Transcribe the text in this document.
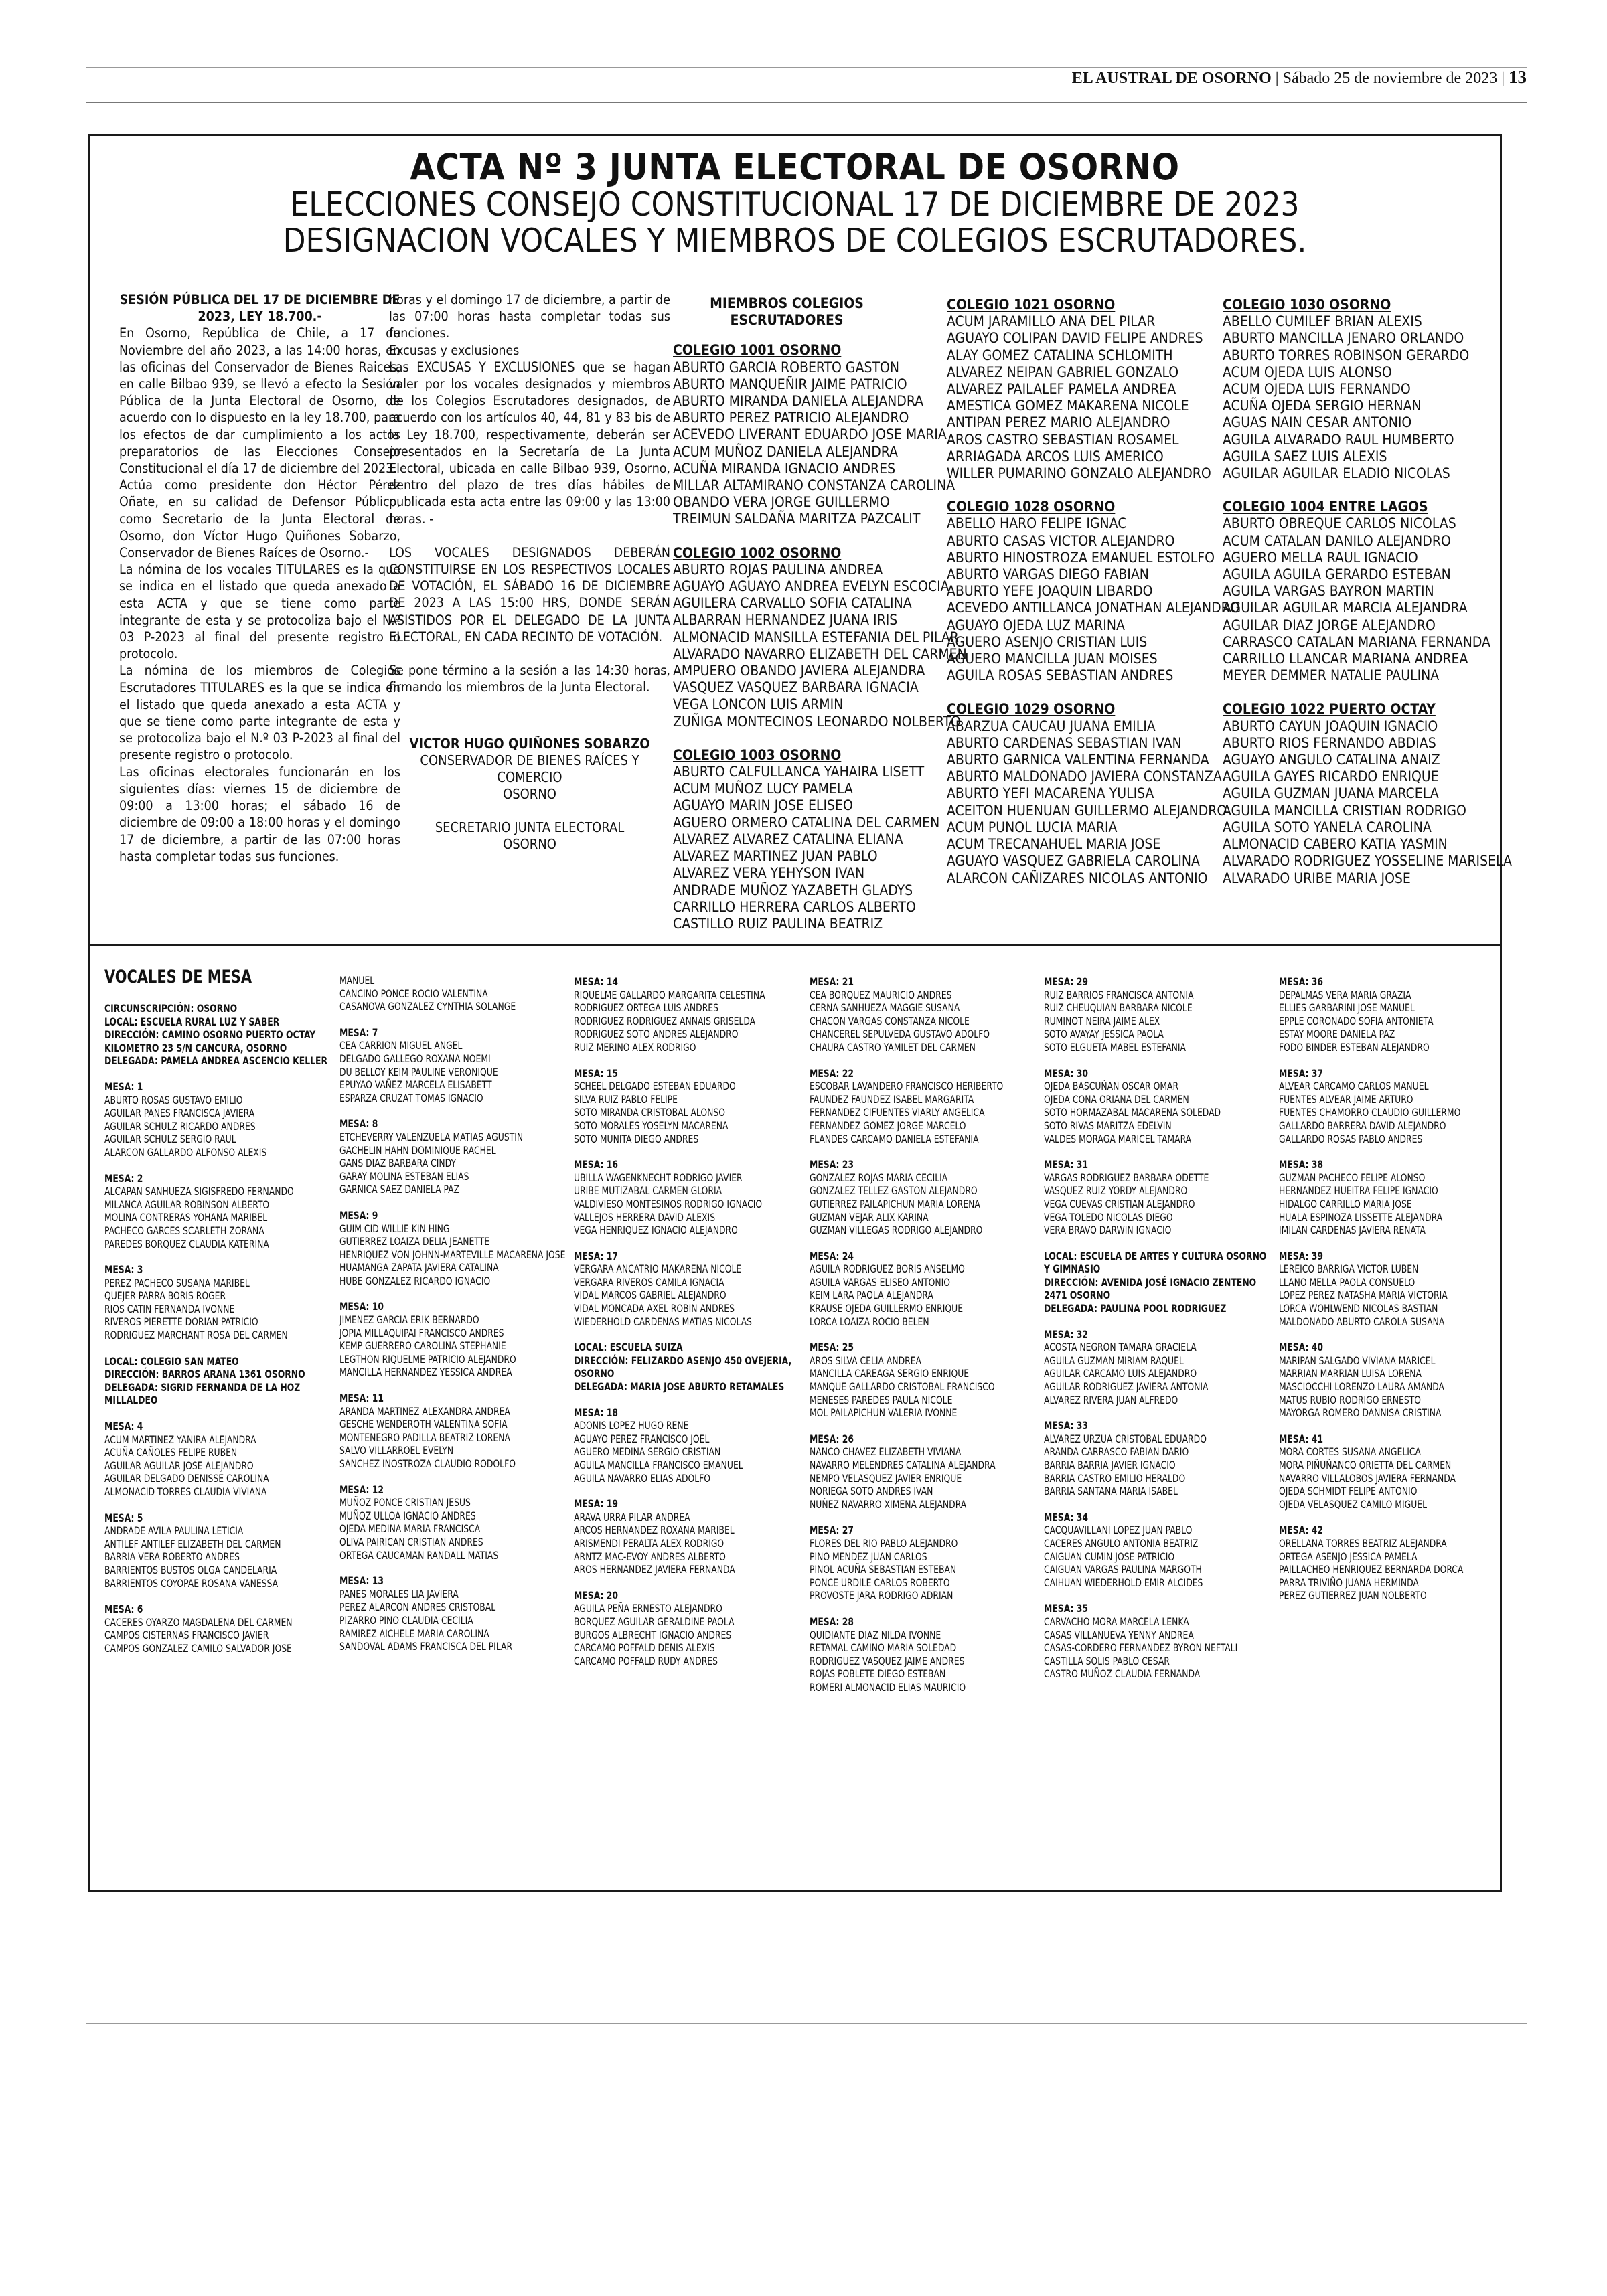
EL AUSTRAL DE OSORNO | Sábado 25 de noviembre de 2023 | 13
ACTA Nº 3 JUNTA ELECTORAL DE OSORNO
ELECCIONES CONSEJO CONSTITUCIONAL 17 DE DICIEMBRE DE 2023
DESIGNACION VOCALES Y MIEMBROS DE COLEGIOS ESCRUTADORES.

SESIÓN PÚBLICA DEL 17 DE DICIEMBRE DE 2023, LEY 18.700.-

En Osorno, República de Chile, a 17 de Noviembre del año 2023, a las 14:00 horas, en las oficinas del Conservador de Bienes Raices, en calle Bilbao 939, se llevó a efecto la Sesión Pública de la Junta Electoral de Osorno, de acuerdo con lo dispuesto en la ley 18.700, para los efectos de dar cumplimiento a los actos preparatorios de las Elecciones Consejo Constitucional el día 17 de diciembre del 2023.

Actúa como presidente don Héctor Pérez Oñate, en su calidad de Defensor Público, como Secretario de la Junta Electoral de Osorno, don Víctor Hugo Quiñones Sobarzo, Conservador de Bienes Raíces de Osorno.-

La nómina de los vocales TITULARES es la que se indica en el listado que queda anexado a esta ACTA y que se tiene como parte integrante de esta y se protocoliza bajo el N.º 03 P-2023 al final del presente registro o protocolo.

La nómina de los miembros de Colegios Escrutadores TITULARES es la que se indica en el listado que queda anexado a esta ACTA y que se tiene como parte integrante de esta y se protocoliza bajo el N.º 03 P-2023 al final del presente registro o protocolo.

Las oficinas electorales funcionarán en los siguientes días: viernes 15 de diciembre de 09:00 a 13:00 horas; el sábado 16 de diciembre de 09:00 a 18:00 horas y el domingo 17 de diciembre, a partir de las 07:00 horas hasta completar todas sus funciones.

horas y el domingo 17 de diciembre, a partir de las 07:00 horas hasta completar todas sus funciones.

Excusas y exclusiones

Las EXCUSAS Y EXCLUSIONES que se hagan valer por los vocales designados y miembros de los Colegios Escrutadores designados, de acuerdo con los artículos 40, 44, 81 y 83 bis de la Ley 18.700, respectivamente, deberán ser presentados en la Secretaría de La Junta Electoral, ubicada en calle Bilbao 939, Osorno, dentro del plazo de tres días hábiles de publicada esta acta entre las 09:00 y las 13:00 horas. -

LOS VOCALES DESIGNADOS DEBERÁN CONSTITUIRSE EN LOS RESPECTIVOS LOCALES DE VOTACIÓN, EL SÁBADO 16 DE DICIEMBRE DE 2023 A LAS 15:00 HRS, DONDE SERÁN ASISTIDOS POR EL DELEGADO DE LA JUNTA ELECTORAL, EN CADA RECINTO DE VOTACIÓN.

Se pone término a la sesión a las 14:30 horas, firmando los miembros de la Junta Electoral.

VICTOR HUGO QUIÑONES SOBARZO
CONSERVADOR DE BIENES RAÍCES Y COMERCIO
OSORNO
SECRETARIO JUNTA ELECTORAL
OSORNO
MIEMBROS COLEGIOS ESCRUTADORES
COLEGIO 1001 OSORNO
ABURTO GARCIA ROBERTO GASTON
ABURTO MANQUEÑIR JAIME PATRICIO
ABURTO MIRANDA DANIELA ALEJANDRA
ABURTO PEREZ PATRICIO ALEJANDRO
ACEVEDO LIVERANT EDUARDO JOSE MARIA
ACUM MUÑOZ DANIELA ALEJANDRA
ACUÑA MIRANDA IGNACIO ANDRES
MILLAR ALTAMIRANO CONSTANZA CAROLINA
OBANDO VERA JORGE GUILLERMO
TREIMUN SALDAÑA MARITZA PAZCALIT
COLEGIO 1002 OSORNO
ABURTO ROJAS PAULINA ANDREA
AGUAYO AGUAYO ANDREA EVELYN ESCOCIA
AGUILERA CARVALLO SOFIA CATALINA
ALBARRAN HERNANDEZ JUANA IRIS
ALMONACID MANSILLA ESTEFANIA DEL PILAR
ALVARADO NAVARRO ELIZABETH DEL CARMEN
AMPUERO OBANDO JAVIERA ALEJANDRA
VASQUEZ VASQUEZ BARBARA IGNACIA
VEGA LONCON LUIS ARMIN
ZUÑIGA MONTECINOS LEONARDO NOLBERTO
COLEGIO 1003 OSORNO
ABURTO CALFULLANCA YAHAIRA LISETT
ACUM MUÑOZ LUCY PAMELA
AGUAYO MARIN JOSE ELISEO
AGUERO ORMERO CATALINA DEL CARMEN
ALVAREZ ALVAREZ CATALINA ELIANA
ALVAREZ MARTINEZ JUAN PABLO
ALVAREZ VERA YEHYSON IVAN
ANDRADE MUÑOZ YAZABETH GLADYS
CARRILLO HERRERA CARLOS ALBERTO
CASTILLO RUIZ PAULINA BEATRIZ
COLEGIO 1021 OSORNO
ACUM JARAMILLO ANA DEL PILAR
AGUAYO COLIPAN DAVID FELIPE ANDRES
ALAY GOMEZ CATALINA SCHLOMITH
ALVAREZ NEIPAN GABRIEL GONZALO
ALVAREZ PAILALEF PAMELA ANDREA
AMESTICA GOMEZ MAKARENA NICOLE
ANTIPAN PEREZ MARIO ALEJANDRO
AROS CASTRO SEBASTIAN ROSAMEL
ARRIAGADA ARCOS LUIS AMERICO
WILLER PUMARINO GONZALO ALEJANDRO
COLEGIO 1028 OSORNO
ABELLO HARO FELIPE IGNAC
ABURTO CASAS VICTOR ALEJANDRO
ABURTO HINOSTROZA EMANUEL ESTOLFO
ABURTO VARGAS DIEGO FABIAN
ABURTO YEFE JOAQUIN LIBARDO
ACEVEDO ANTILLANCA JONATHAN ALEJANDRO
AGUAYO OJEDA LUZ MARINA
AGUERO ASENJO CRISTIAN LUIS
AGUERO MANCILLA JUAN MOISES
AGUILA ROSAS SEBASTIAN ANDRES
COLEGIO 1029 OSORNO
ABARZUA CAUCAU JUANA EMILIA
ABURTO CARDENAS SEBASTIAN IVAN
ABURTO GARNICA VALENTINA FERNANDA
ABURTO MALDONADO JAVIERA CONSTANZA
ABURTO YEFI MACARENA YULISA
ACEITON HUENUAN GUILLERMO ALEJANDRO
ACUM PUNOL LUCIA MARIA
ACUM TRECANAHUEL MARIA JOSE
AGUAYO VASQUEZ GABRIELA CAROLINA
ALARCON CAÑIZARES NICOLAS ANTONIO
COLEGIO 1030 OSORNO
ABELLO CUMILEF BRIAN ALEXIS
ABURTO MANCILLA JENARO ORLANDO
ABURTO TORRES ROBINSON GERARDO
ACUM OJEDA LUIS ALONSO
ACUM OJEDA LUIS FERNANDO
ACUÑA OJEDA SERGIO HERNAN
AGUAS NAIN CESAR ANTONIO
AGUILA ALVARADO RAUL HUMBERTO
AGUILA SAEZ LUIS ALEXIS
AGUILAR AGUILAR ELADIO NICOLAS
COLEGIO 1004 ENTRE LAGOS
ABURTO OBREQUE CARLOS NICOLAS
ACUM CATALAN DANILO ALEJANDRO
AGUERO MELLA RAUL IGNACIO
AGUILA AGUILA GERARDO ESTEBAN
AGUILA VARGAS BAYRON MARTIN
AGUILAR AGUILAR MARCIA ALEJANDRA
AGUILAR DIAZ JORGE ALEJANDRO
CARRASCO CATALAN MARIANA FERNANDA
CARRILLO LLANCAR MARIANA ANDREA
MEYER DEMMER NATALIE PAULINA
COLEGIO 1022 PUERTO OCTAY
ABURTO CAYUN JOAQUIN IGNACIO
ABURTO RIOS FERNANDO ABDIAS
AGUAYO ANGULO CATALINA ANAIZ
AGUILA GAYES RICARDO ENRIQUE
AGUILA GUZMAN JUANA MARCELA
AGUILA MANCILLA CRISTIAN RODRIGO
AGUILA SOTO YANELA CAROLINA
ALMONACID CABERO KATIA YASMIN
ALVARADO RODRIGUEZ YOSSELINE MARISELA
ALVARADO URIBE MARIA JOSE
VOCALES DE MESA
CIRCUNSCRIPCIÓN: OSORNO
LOCAL: ESCUELA RURAL LUZ Y SABER
DIRECCIÓN: CAMINO OSORNO PUERTO OCTAY KILOMETRO 23 S/N CANCURA, OSORNO
DELEGADA: PAMELA ANDREA ASCENCIO KELLER
MESA: 1
ABURTO ROSAS GUSTAVO EMILIO
AGUILAR PANES FRANCISCA JAVIERA
AGUILAR SCHULZ RICARDO ANDRES
AGUILAR SCHULZ SERGIO RAUL
ALARCON GALLARDO ALFONSO ALEXIS
MESA: 2
ALCAPAN SANHUEZA SIGISFREDO FERNANDO
MILANCA AGUILAR ROBINSON ALBERTO
MOLINA CONTRERAS YOHANA MARIBEL
PACHECO GARCES SCARLETH ZORANA
PAREDES BORQUEZ CLAUDIA KATERINA
MESA: 3
PEREZ PACHECO SUSANA MARIBEL
QUEJER PARRA BORIS ROGER
RIOS CATIN FERNANDA IVONNE
RIVEROS PIERETTE DORIAN PATRICIO
RODRIGUEZ MARCHANT ROSA DEL CARMEN
LOCAL: COLEGIO SAN MATEO
DIRECCIÓN: BARROS ARANA 1361 OSORNO
DELEGADA: SIGRID FERNANDA DE LA HOZ MILLALDEO
MESA: 4
ACUM MARTINEZ YANIRA ALEJANDRA
ACUÑA CAÑOLES FELIPE RUBEN
AGUILAR AGUILAR JOSE ALEJANDRO
AGUILAR DELGADO DENISSE CAROLINA
ALMONACID TORRES CLAUDIA VIVIANA
MESA: 5
ANDRADE AVILA PAULINA LETICIA
ANTILEF ANTILEF ELIZABETH DEL CARMEN
BARRIA VERA ROBERTO ANDRES
BARRIENTOS BUSTOS OLGA CANDELARIA
BARRIENTOS COYOPAE ROSANA VANESSA
MESA: 6
CACERES OYARZO MAGDALENA DEL CARMEN
CAMPOS CISTERNAS FRANCISCO JAVIER
CAMPOS GONZALEZ CAMILO SALVADOR JOSE
MANUEL
CANCINO PONCE ROCIO VALENTINA
CASANOVA GONZALEZ CYNTHIA SOLANGE
MESA: 7
CEA CARRION MIGUEL ANGEL
DELGADO GALLEGO ROXANA NOEMI
DU BELLOY KEIM PAULINE VERONIQUE
EPUYAO VAÑEZ MARCELA ELISABETT
ESPARZA CRUZAT TOMAS IGNACIO
MESA: 8
ETCHEVERRY VALENZUELA MATIAS AGUSTIN
GACHELIN HAHN DOMINIQUE RACHEL
GANS DIAZ BARBARA CINDY
GARAY MOLINA ESTEBAN ELIAS
GARNICA SAEZ DANIELA PAZ
MESA: 9
GUIM CID WILLIE KIN HING
GUTIERREZ LOAIZA DELIA JEANETTE
HENRIQUEZ VON JOHNN-MARTEVILLE MACARENA JOSE
HUAMANGA ZAPATA JAVIERA CATALINA
HUBE GONZALEZ RICARDO IGNACIO
MESA: 10
JIMENEZ GARCIA ERIK BERNARDO
JOPIA MILLAQUIPAI FRANCISCO ANDRES
KEMP GUERRERO CAROLINA STEPHANIE
LEGTHON RIQUELME PATRICIO ALEJANDRO
MANCILLA HERNANDEZ YESSICA ANDREA
MESA: 11
ARANDA MARTINEZ ALEXANDRA ANDREA
GESCHE WENDEROTH VALENTINA SOFIA
MONTENEGRO PADILLA BEATRIZ LORENA
SALVO VILLARROEL EVELYN
SANCHEZ INOSTROZA CLAUDIO RODOLFO
MESA: 12
MUÑOZ PONCE CRISTIAN JESUS
MUÑOZ ULLOA IGNACIO ANDRES
OJEDA MEDINA MARIA FRANCISCA
OLIVA PAIRICAN CRISTIAN ANDRES
ORTEGA CAUCAMAN RANDALL MATIAS
MESA: 13
PANES MORALES LIA JAVIERA
PEREZ ALARCON ANDRES CRISTOBAL
PIZARRO PINO CLAUDIA CECILIA
RAMIREZ AICHELE MARIA CAROLINA
SANDOVAL ADAMS FRANCISCA DEL PILAR
MESA: 14
RIQUELME GALLARDO MARGARITA CELESTINA
RODRIGUEZ ORTEGA LUIS ANDRES
RODRIGUEZ RODRIGUEZ ANNAIS GRISELDA
RODRIGUEZ SOTO ANDRES ALEJANDRO
RUIZ MERINO ALEX RODRIGO
MESA: 15
SCHEEL DELGADO ESTEBAN EDUARDO
SILVA RUIZ PABLO FELIPE
SOTO MIRANDA CRISTOBAL ALONSO
SOTO MORALES YOSELYN MACARENA
SOTO MUNITA DIEGO ANDRES
MESA: 16
UBILLA WAGENKNECHT RODRIGO JAVIER
URIBE MUTIZABAL CARMEN GLORIA
VALDIVIESO MONTESINOS RODRIGO IGNACIO
VALLEJOS HERRERA DAVID ALEXIS
VEGA HENRIQUEZ IGNACIO ALEJANDRO
MESA: 17
VERGARA ANCATRIO MAKARENA NICOLE
VERGARA RIVEROS CAMILA IGNACIA
VIDAL MARCOS GABRIEL ALEJANDRO
VIDAL MONCADA AXEL ROBIN ANDRES
WIEDERHOLD CARDENAS MATIAS NICOLAS
LOCAL: ESCUELA SUIZA
DIRECCIÓN: FELIZARDO ASENJO 450 OVEJERIA, OSORNO
DELEGADA: MARIA JOSE ABURTO RETAMALES
MESA: 18
ADONIS LOPEZ HUGO RENE
AGUAYO PEREZ FRANCISCO JOEL
AGUERO MEDINA SERGIO CRISTIAN
AGUILA MANCILLA FRANCISCO EMANUEL
AGUILA NAVARRO ELIAS ADOLFO
MESA: 19
ARAVA URRA PILAR ANDREA
ARCOS HERNANDEZ ROXANA MARIBEL
ARISMENDI PERALTA ALEX RODRIGO
ARNTZ MAC-EVOY ANDRES ALBERTO
AROS HERNANDEZ JAVIERA FERNANDA
MESA: 20
AGUILA PEÑA ERNESTO ALEJANDRO
BORQUEZ AGUILAR GERALDINE PAOLA
BURGOS ALBRECHT IGNACIO ANDRES
CARCAMO POFFALD DENIS ALEXIS
CARCAMO POFFALD RUDY ANDRES
MESA: 21
CEA BORQUEZ MAURICIO ANDRES
CERNA SANHUEZA MAGGIE SUSANA
CHACON VARGAS CONSTANZA NICOLE
CHANCEREL SEPULVEDA GUSTAVO ADOLFO
CHAURA CASTRO YAMILET DEL CARMEN
MESA: 22
ESCOBAR LAVANDERO FRANCISCO HERIBERTO
FAUNDEZ FAUNDEZ ISABEL MARGARITA
FERNANDEZ CIFUENTES VIARLY ANGELICA
FERNANDEZ GOMEZ JORGE MARCELO
FLANDES CARCAMO DANIELA ESTEFANIA
MESA: 23
GONZALEZ ROJAS MARIA CECILIA
GONZALEZ TELLEZ GASTON ALEJANDRO
GUTIERREZ PAILAPICHUN MARIA LORENA
GUZMAN VEJAR ALIX KARINA
GUZMAN VILLEGAS RODRIGO ALEJANDRO
MESA: 24
AGUILA RODRIGUEZ BORIS ANSELMO
AGUILA VARGAS ELISEO ANTONIO
KEIM LARA PAOLA ALEJANDRA
KRAUSE OJEDA GUILLERMO ENRIQUE
LORCA LOAIZA ROCIO BELEN
MESA: 25
AROS SILVA CELIA ANDREA
MANCILLA CAREAGA SERGIO ENRIQUE
MANQUE GALLARDO CRISTOBAL FRANCISCO
MENESES PAREDES PAULA NICOLE
MOL PAILAPICHUN VALERIA IVONNE
MESA: 26
NANCO CHAVEZ ELIZABETH VIVIANA
NAVARRO MELENDRES CATALINA ALEJANDRA
NEMPO VELASQUEZ JAVIER ENRIQUE
NORIEGA SOTO ANDRES IVAN
NUÑEZ NAVARRO XIMENA ALEJANDRA
MESA: 27
FLORES DEL RIO PABLO ALEJANDRO
PINO MENDEZ JUAN CARLOS
PINOL ACUÑA SEBASTIAN ESTEBAN
PONCE URDILE CARLOS ROBERTO
PROVOSTE JARA RODRIGO ADRIAN
MESA: 28
QUIDIANTE DIAZ NILDA IVONNE
RETAMAL CAMINO MARIA SOLEDAD
RODRIGUEZ VASQUEZ JAIME ANDRES
ROJAS POBLETE DIEGO ESTEBAN
ROMERI ALMONACID ELIAS MAURICIO
MESA: 29
RUIZ BARRIOS FRANCISCA ANTONIA
RUIZ CHEUQUIAN BARBARA NICOLE
RUMINOT NEIRA JAIME ALEX
SOTO AVAYAY JESSICA PAOLA
SOTO ELGUETA MABEL ESTEFANIA
MESA: 30
OJEDA BASCUÑAN OSCAR OMAR
OJEDA CONA ORIANA DEL CARMEN
SOTO HORMAZABAL MACARENA SOLEDAD
SOTO RIVAS MARITZA EDELVIN
VALDES MORAGA MARICEL TAMARA
MESA: 31
VARGAS RODRIGUEZ BARBARA ODETTE
VASQUEZ RUIZ YORDY ALEJANDRO
VEGA CUEVAS CRISTIAN ALEJANDRO
VEGA TOLEDO NICOLAS DIEGO
VERA BRAVO DARWIN IGNACIO
LOCAL: ESCUELA DE ARTES Y CULTURA OSORNO Y GIMNASIO
DIRECCIÓN: AVENIDA JOSÉ IGNACIO ZENTENO 2471 OSORNO
DELEGADA: PAULINA POOL RODRIGUEZ
MESA: 32
ACOSTA NEGRON TAMARA GRACIELA
AGUILA GUZMAN MIRIAM RAQUEL
AGUILAR CARCAMO LUIS ALEJANDRO
AGUILAR RODRIGUEZ JAVIERA ANTONIA
ALVAREZ RIVERA JUAN ALFREDO
MESA: 33
ALVAREZ URZUA CRISTOBAL EDUARDO
ARANDA CARRASCO FABIAN DARIO
BARRIA BARRIA JAVIER IGNACIO
BARRIA CASTRO EMILIO HERALDO
BARRIA SANTANA MARIA ISABEL
MESA: 34
CACQUAVILLANI LOPEZ JUAN PABLO
CACERES ANGULO ANTONIA BEATRIZ
CAIGUAN CUMIN JOSE PATRICIO
CAIGUAN VARGAS PAULINA MARGOTH
CAIHUAN WIEDERHOLD EMIR ALCIDES
MESA: 35
CARVACHO MORA MARCELA LENKA
CASAS VILLANUEVA YENNY ANDREA
CASAS-CORDERO FERNANDEZ BYRON NEFTALI
CASTILLA SOLIS PABLO CESAR
CASTRO MUÑOZ CLAUDIA FERNANDA
MESA: 36
DEPALMAS VERA MARIA GRAZIA
ELLIES GARBARINI JOSE MANUEL
EPPLE CORONADO SOFIA ANTONIETA
ESTAY MOORE DANIELA PAZ
FODO BINDER ESTEBAN ALEJANDRO
MESA: 37
ALVEAR CARCAMO CARLOS MANUEL
FUENTES ALVEAR JAIME ARTURO
FUENTES CHAMORRO CLAUDIO GUILLERMO
GALLARDO BARRERA DAVID ALEJANDRO
GALLARDO ROSAS PABLO ANDRES
MESA: 38
GUZMAN PACHECO FELIPE ALONSO
HERNANDEZ HUEITRA FELIPE IGNACIO
HIDALGO CARRILLO MARIA JOSE
HUALA ESPINOZA LISSETTE ALEJANDRA
IMILAN CARDENAS JAVIERA RENATA
MESA: 39
LEREICO BARRIGA VICTOR LUBEN
LLANO MELLA PAOLA CONSUELO
LOPEZ PEREZ NATASHA MARIA VICTORIA
LORCA WOHLWEND NICOLAS BASTIAN
MALDONADO ABURTO CAROLA SUSANA
MESA: 40
MARIPAN SALGADO VIVIANA MARICEL
MARRIAN MARRIAN LUISA LORENA
MASCIOCCHI LORENZO LAURA AMANDA
MATUS RUBIO RODRIGO ERNESTO
MAYORGA ROMERO DANNISA CRISTINA
MESA: 41
MORA CORTES SUSANA ANGELICA
MORA PIÑUÑANCO ORIETTA DEL CARMEN
NAVARRO VILLALOBOS JAVIERA FERNANDA
OJEDA SCHMIDT FELIPE ANTONIO
OJEDA VELASQUEZ CAMILO MIGUEL
MESA: 42
ORELLANA TORRES BEATRIZ ALEJANDRA
ORTEGA ASENJO JESSICA PAMELA
PAILLACHEO HENRIQUEZ BERNARDA DORCA
PARRA TRIVIÑO JUANA HERMINDA
PEREZ GUTIERREZ JUAN NOLBERTO
